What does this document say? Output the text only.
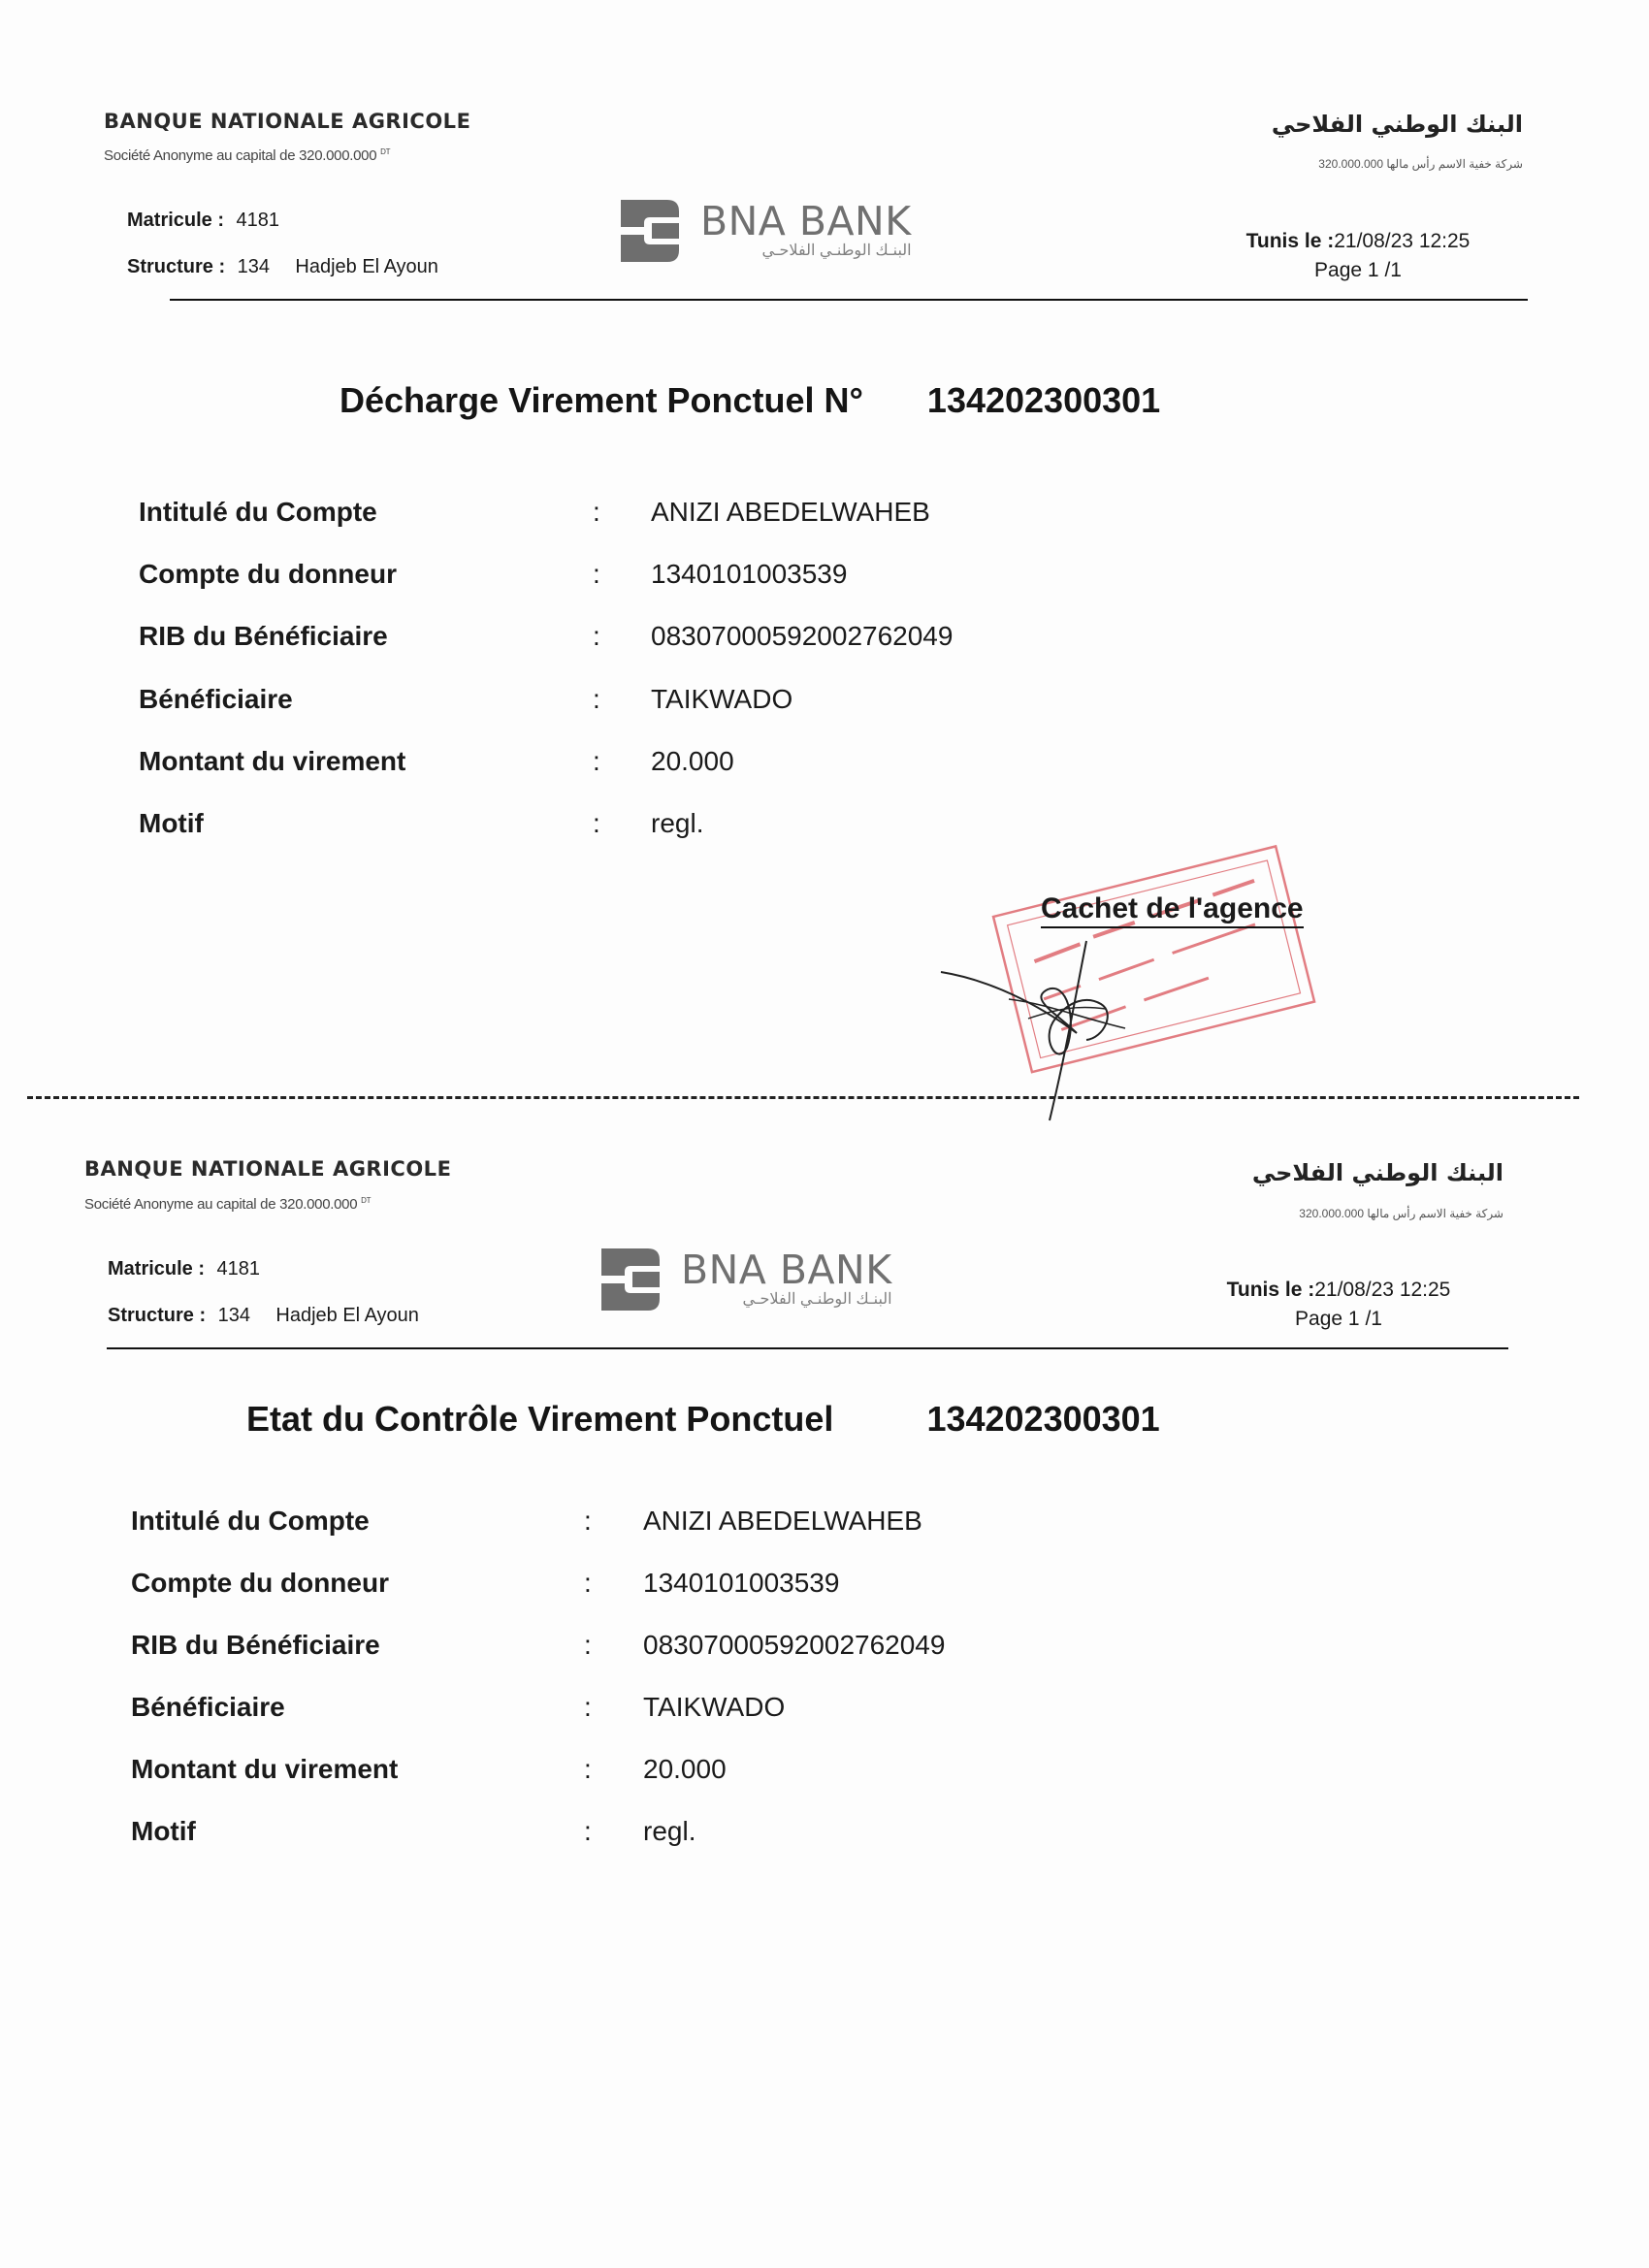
BANQUE NATIONALE AGRICOLE
Société Anonyme au capital de 320.000.000 $^{DT}$
البنك الوطني الفلاحي
شركة خفية الاسم رأس مالها 320.000.000
Matricule : 4181
Structure : 134 Hadjeb El Ayoun
BNA BANK
البنـك الوطنـي الفلاحـي	Tunis le :21/08/23 12:25
Page 1 /1
Décharge Virement Ponctuel N° 134202300301
Intitulé du Compte	: ANIZI ABEDELWAHEB
Compte du donneur	: 1340101003539
RIB du Bénéficiaire	: 08307000592002762049
Bénéficiaire	: TAIKWADO
Montant du virement	: 20.000
Motif	: regl.
Cachet de l'agence
BANQUE NATIONALE AGRICOLE
Société Anonyme au capital de 320.000.000 $^{DT}$
البنك الوطني الفلاحي
شركة خفية الاسم رأس مالها 320.000.000
Matricule : 4181
Structure : 134 Hadjeb El Ayoun
BNA BANK
البنـك الوطنـي الفلاحـي	Tunis le :21/08/23 12:25
Page 1 /1
Etat du Contrôle Virement Ponctuel	134202300301
Intitulé du Compte	: ANIZI ABEDELWAHEB
Compte du donneur	: 1340101003539
RIB du Bénéficiaire	: 08307000592002762049
Bénéficiaire	: TAIKWADO
Montant du virement	: 20.000
Motif	: regl.
